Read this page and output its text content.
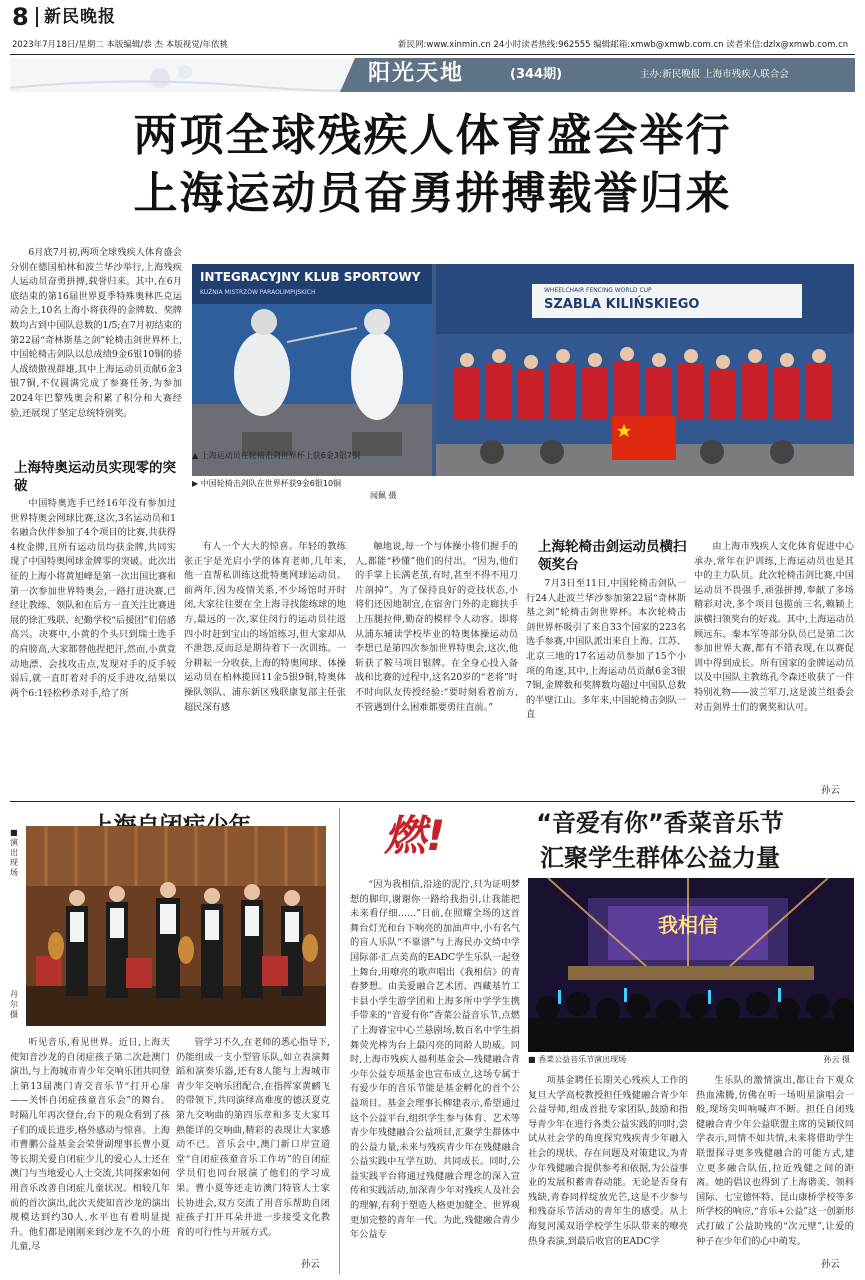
8 新民晚报
2023年7月18日/星期二 本版编辑/恭 杰 本版视觉/年依桃	新民网:www.xinmin.cn 24小时读者热线:962555 编辑邮箱:xmwb@xmwb.com.cn 读者来信:dzlx@xmwb.com.cn
阳光天地	(344期)	主办:新民晚报 上海市残疾人联合会
两项全球残疾人体育盛会举行
上海运动员奋勇拼搏载誉归来

6月底7月初,两项全球残疾人体育盛会分别在德国柏林和波兰华沙举行,上海残疾人运动员奋勇拼搏,载誉归来。其中,在6月底结束的第16届世界夏季特殊奥林匹克运动会上,10名上海小将获得的金牌数、奖牌数均占到中国队总数的1/5;在7月初结束的第22届“奇林斯基之剑”轮椅击剑世界杯上,中国轮椅击剑队以总成绩9金6银10铜的骄人战绩傲视群雄,其中上海运动员贡献6金3银7铜,不仅圆满完成了参赛任务,为参加2024年巴黎残奥会积累了积分和大赛经验,还展现了坚定总统特别奖。

INTEGRACYJNY KLUB SPORTOWY
KUŹNIA MISTRZÓW PARAOLIMPIJSKICH	WHEELCHAIR FENCING WORLD CUP
SZABLA KILIŃSKIEGO
▲ 上海运动员在轮椅击剑世界杯上获6金3银7铜
▶ 中国轮椅击剑队在世界杯获9金6银10铜
闻佩 摄
上海特奥运动员实现零的突破

中国特奥选手已经16年没有参加过世界特奥会网球比赛,这次,3名运动员和1名融合伙伴参加了4个项目的比赛,共获得4枚金牌,且所有运动员均获金牌,共同实现了中国特奥网球金牌零的突破。此次出征的上海小将黄旭峰是第一次出国比赛和第一次参加世界特奥会,一路打进决赛,已经让教练、领队和在后方一直关注比赛进展的徐汇残联、纪勤学校“后援团”们倍感高兴。决赛中,小黄的个头只到瑞士选手的肩膀高,大家都替他捏把汗,然而,小黄竟动地漂、会找攻击点,发现对手的反手较弱后,就一直盯着对手的反手进攻,结果以两个6:1轻松秒杀对手,给了所

有人一个大大的惊喜。年轻的教练张正宇是光启小学的体育老师,几年来,他一直帮私训练这批特奥网球运动员。前两年,因为疫情关系,不少场馆时开时闭,大家往往要在全上海寻找能练球的地方,最远的一次,家住闵行的运动员往返四小时赶到宝山的场馆练习,但大家却从不泄怨,反而总是期待着下一次训练。一分耕耘一分收获,上海的特奥网球、体操运动员在柏林揽回11金5银9铜,特奥体操队领队、浦东新区残联康复部主任张超民深有感

触地说,每一个与体操小将们握手的人,都能“秒懂”他们的付出。“因为,他们的手掌上长满老茧,有时,甚至不得不用刀片剖掉”。为了保持良好的竞技状态,小将们还因地制宜,在宿舍门外的走廊扶手上压腿拉伸,勤奋的模样令人动容。即将从浦东辅读学校毕业的特奥体操运动员李想已是第四次参加世界特奥会,这次,他斩获了鞍马项目银牌。在全身心投入备战和比赛的过程中,这名20岁的“老将”时不时向队友传授经验:“要时刻看着前方,不管遇到什么困难都要勇往直前。”

上海轮椅击剑运动员横扫领奖台

7月3日至11日,中国轮椅击剑队一行24人赴波兰华沙参加第22届“奇林斯基之剑”轮椅击剑世界杯。本次轮椅击剑世界杯吸引了来自33个国家的223名选手参赛,中国队派出来自上海、江苏、北京三地的17名运动员参加了15个小项的角逐,其中,上海运动员贡献6金3银7铜,金牌数和奖牌数均超过中国队总数的半壁江山。多年来,中国轮椅击剑队一直

由上海市残疾人文化体育促进中心承办,常年在沪训练,上海运动员也是其中的主力队员。此次轮椅击剑比赛,中国运动员不畏强手,顽强拼搏,奉献了多场精彩对决,多个项目包揽前三名,赖颖上演横扫领奖台的好戏。其中,上海运动员顾远东、秦本军等部分队员已是第二次参加世界大赛,都有不错表现,在以赛促训中得到成长。所有国家的金牌运动员以及中国队主教练孔令森还收获了一件特别礼物——波兰军刀,这是波兰组委会对击剑界士们的褒奖和认可。

孙云
■ 演出现场
丹尔 摄

听见音乐,看见世界。近日,上海天使知音沙龙的自闭症孩子第二次赴澳门演出,与上海城市青少年交响乐团共同登上第13届澳门青交音乐节“打开心扉——关怀自闭症孩童音乐会”的舞台。时隔几年再次登台,台下的观众看到了孩子们的成长进步,格外感动与惊喜。上海市曹鹏公益基金会荣誉副理事长曹小夏等长期关爱自闭症少儿的爱心人士还在澳门与当地爱心人士交流,共同探索如何用音乐改善自闭症儿童状况。相较几年前的首次演出,此次天使知音沙龙的演出规模达到约30人,水平也有着明显提升。他们都是刚刚来到沙龙不久的小班儿童,尽

管学习不久,在老师的悉心指导下,仍能组成一支小型管乐队,如立表演舞蹈和演奏乐器,还有8人能与上海城市青少年交响乐团配合,在指挥家黄鹂飞的带领下,共同演绎高难度的德沃夏克第九交响曲的第四乐章和多支大家耳熟能详的交响曲,精彩的表现让大家感动不已。音乐会中,澳门新口岸宣道堂“自闭症孩童音乐工作坊”的自闭症学员们也同台展演了他们的学习成果。曹小夏等还走访澳门特管人士家长协进会,双方交流了用音乐帮助自闭症孩子打开耳朵并进一步接受文化教育的可行性与开展方式。

孙云
燃!	“音爱有你”香菜音乐节
汇聚学生群体公益力量

“因为我相信,沿途的泥泞,只为证明梦想的脚印,谢谢你一路给我指引,让我能把未来看仔细……”日前,在照耀全场的这首舞台灯光和台下响亮的加油声中,小有名气的盲人乐队“不靠谱”与上海民办文绮中学国际部·汇点美高的EADC学生乐队一起登上舞台,用嘹亮的歌声唱出《我相信》的青春梦想。由美爱融合艺术团、西藏基竹工卡县小学生游学团和上海多所中学学生携手带来的“音爱有你”香菜公益音乐节,点燃了上海睿宝中心兰悬剧场,数百名中学生捐舞荧光棒为台上最闪亮的同龄人助威。同时,上海市残疾人福利基金会—残健融合青少年公益专项基金也宣布成立,这场专属于有爱少年的音乐节能是基金孵化的首个公益项目。基金会理事长柳建表示,希望通过这个公益平台,组织学生参与体育、艺术等青少年残健融合公益项目,汇聚学生群体中的公益力量,未来与残疾青少年在残健融合公益实践中互学互助、共同成长。同时,公益实践平台将通过残健融合理念的深入宣传和实践活动,加深青少年对残疾人及社会的理解,有利于塑造人格更加健全、世界观更加完整的青年一代。为此,残健融合青少年公益专

我相信
■ 香菜公益音乐节演出现场	孙云 摄

项基金聘任长期关心残疾人工作的复旦大学高校教授担任残健融合青少年公益导师,组成首批专家团队,鼓励和指导青少年在进行各类公益实践的同时,尝试从社会学的角度探究残疾青少年融入社会的现状、存在问题及对策建议,为青少年残健融合提供参考和依据,为公益事业的发展积蓄青春动能。无论是否身有残缺,青春同样绽放光芒,这是不少参与和残奋乐节活动的青年生的感受。从上海复河溪双语学校学生乐队带来的嘹亮热身表演,到最后收官的EADC学

生乐队的激情演出,都让台下观众热血沸腾,仿佛在听一场明星演唱会一般,现场尖叫响喊声不断。担任自闭残健融合青少年公益联盟主席的吴颖仪同学表示,同情不如共情,未来将借助学生联盟探寻更多残健融合的可能方式,建立更多融合队伍,拉近残健之间的距离。她的倡议也得到了上海谐美、领科国际、七宝德怀特、昆山康桥学校等多所学校的响应,“音乐+公益”这一创新形式打破了公益助残的“次元壁”,让爱的种子在少年们的心中萌发。

孙云
